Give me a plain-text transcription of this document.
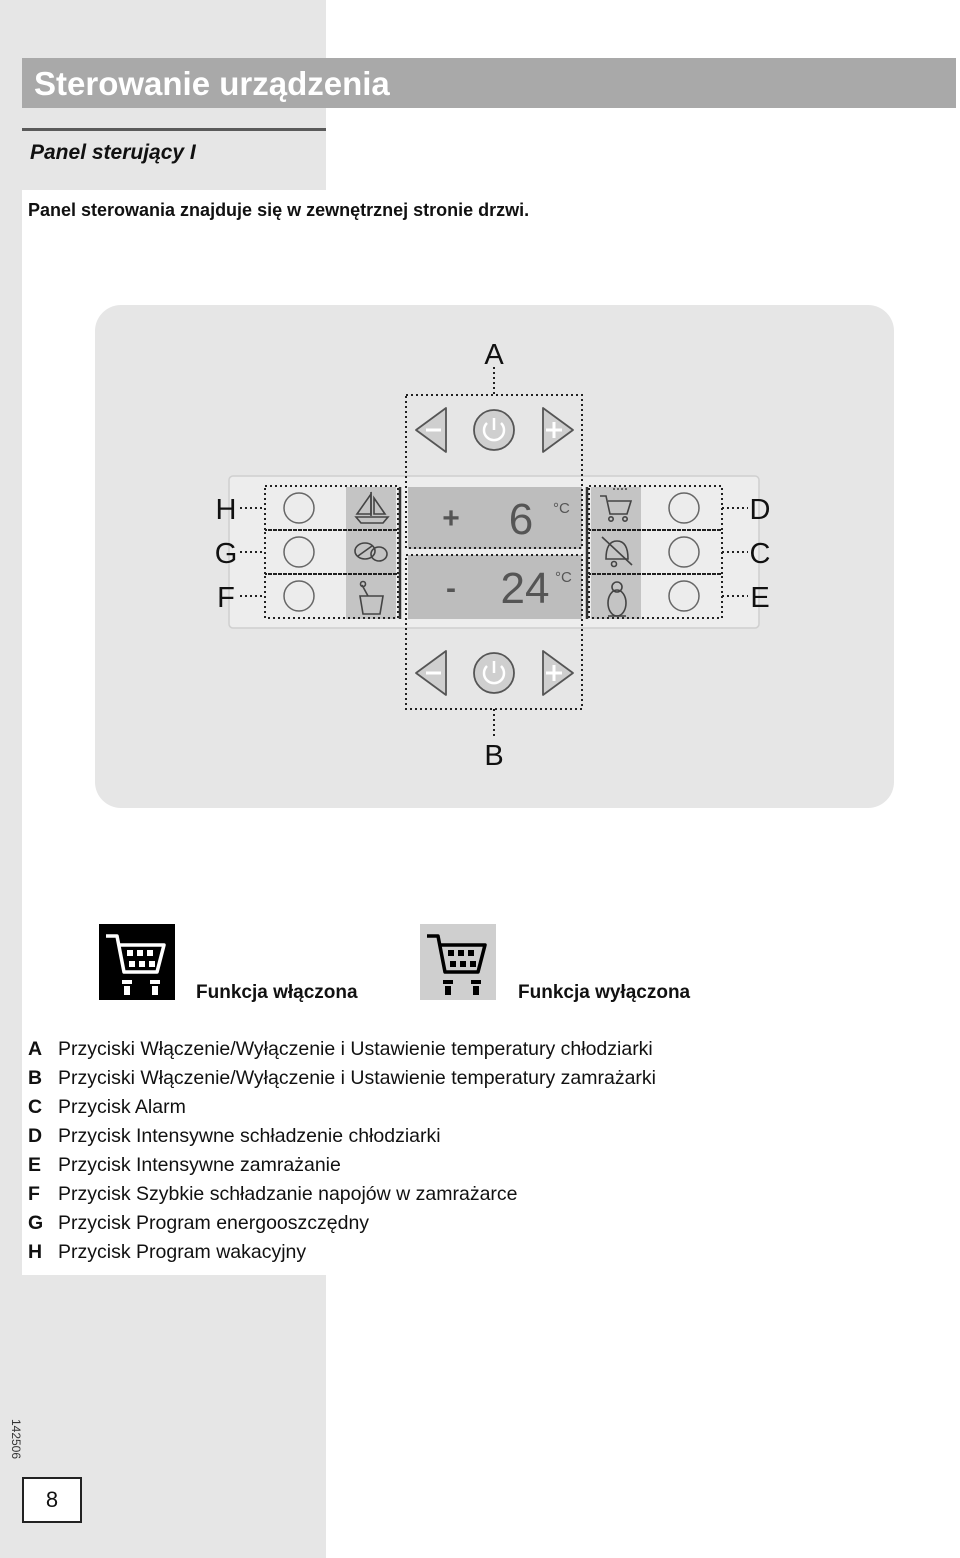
Sterowanie urządzenia
Panel sterujący I
Panel sterowania znajduje się w zewnętrznej stronie drzwi.
A
B
H
G
F
D
C
E
+ 6 °C
- 24 °C
Funkcja włączona	Funkcja wyłączona
A Przyciski Włączenie/Wyłączenie i Ustawienie temperatury chłodziarki
B Przyciski Włączenie/Wyłączenie i Ustawienie temperatury zamrażarki
C Przycisk Alarm
D Przycisk Intensywne schładzenie chłodziarki
E Przycisk Intensywne zamrażanie
F Przycisk Szybkie schładzanie napojów w zamrażarce
G Przycisk Program energooszczędny
H Przycisk Program wakacyjny
142506
8
